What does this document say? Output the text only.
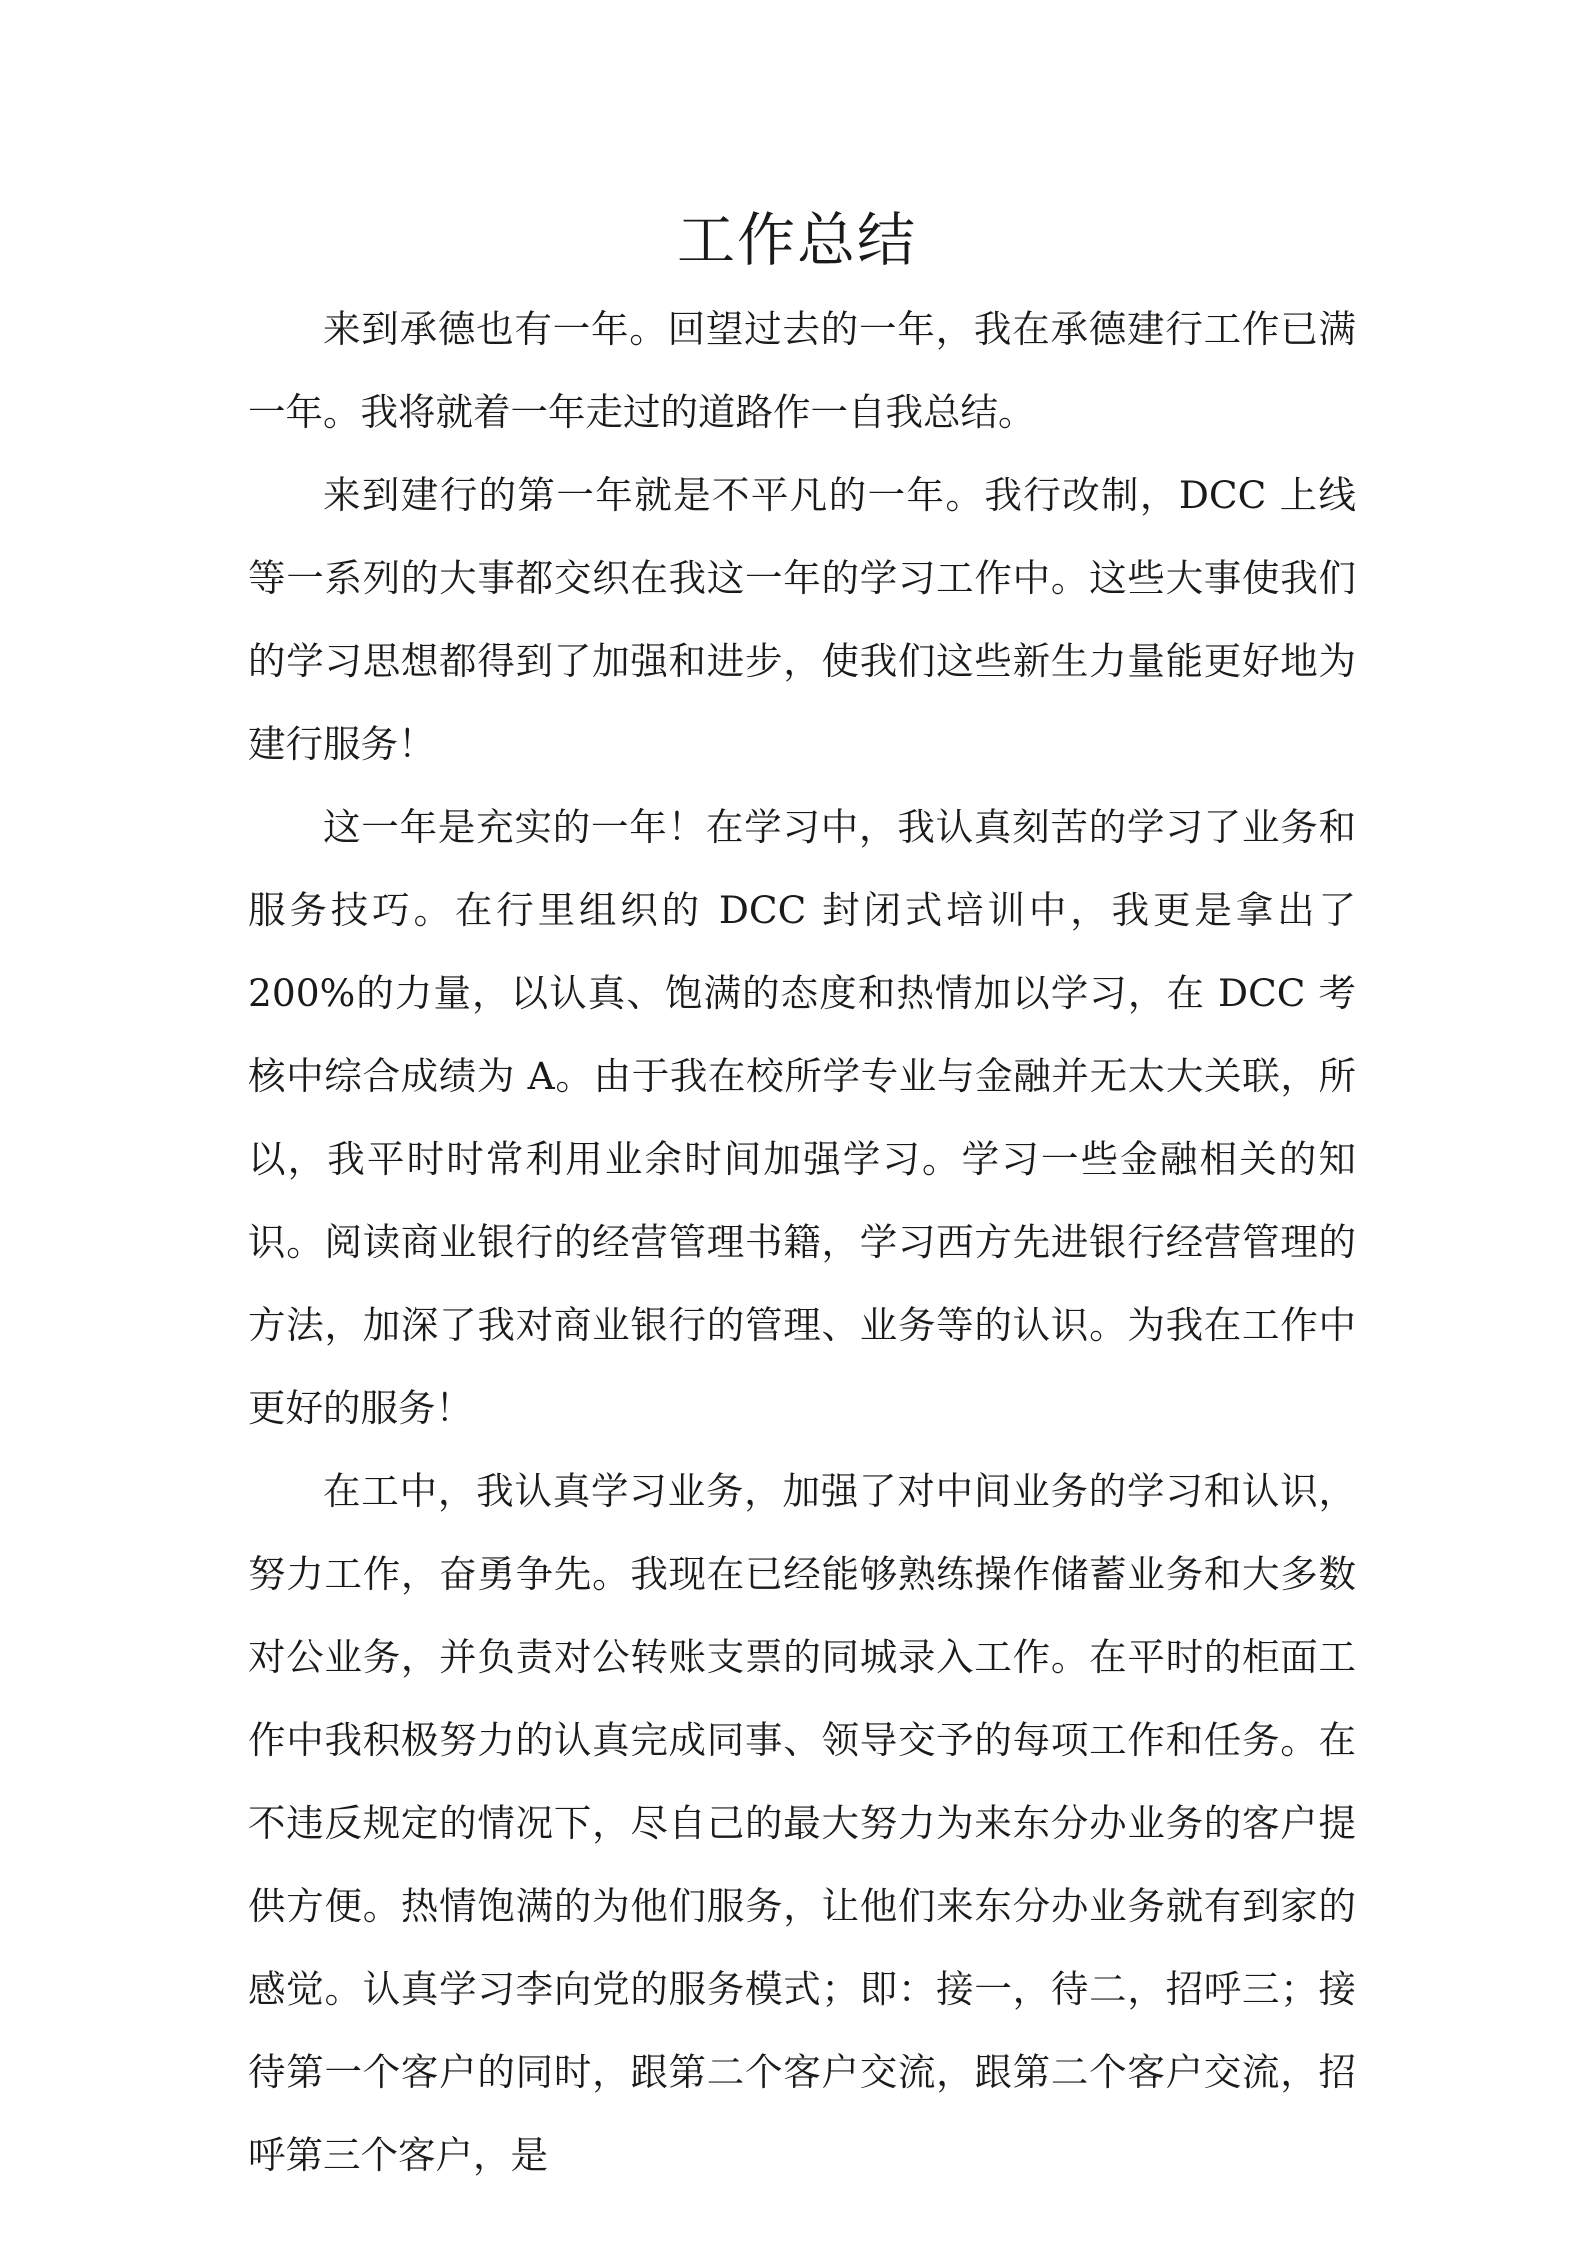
工作总结

来到承德也有一年。回望过去的一年，我在承德建行工作已满一年。我将就着一年走过的道路作一自我总结。

来到建行的第一年就是不平凡的一年。我行改制，DCC 上线等一系列的大事都交织在我这一年的学习工作中。这些大事使我们的学习思想都得到了加强和进步，使我们这些新生力量能更好地为建行服务！

这一年是充实的一年！在学习中，我认真刻苦的学习了业务和服务技巧。在行里组织的 DCC 封闭式培训中，我更是拿出了 200%的力量，以认真、饱满的态度和热情加以学习，在 DCC 考核中综合成绩为 A。由于我在校所学专业与金融并无太大关联，所以，我平时时常利用业余时间加强学习。学习一些金融相关的知识。阅读商业银行的经营管理书籍，学习西方先进银行经营管理的方法，加深了我对商业银行的管理、业务等的认识。为我在工作中更好的服务！

在工中，我认真学习业务，加强了对中间业务的学习和认识，努力工作，奋勇争先。我现在已经能够熟练操作储蓄业务和大多数对公业务，并负责对公转账支票的同城录入工作。在平时的柜面工作中我积极努力的认真完成同事、领导交予的每项工作和任务。在不违反规定的情况下，尽自己的最大努力为来东分办业务的客户提供方便。热情饱满的为他们服务，让他们来东分办业务就有到家的感觉。认真学习李向党的服务模式；即：接一，待二，招呼三；接待第一个客户的同时，跟第二个客户交流，跟第二个客户交流，招呼第三个客户，是
